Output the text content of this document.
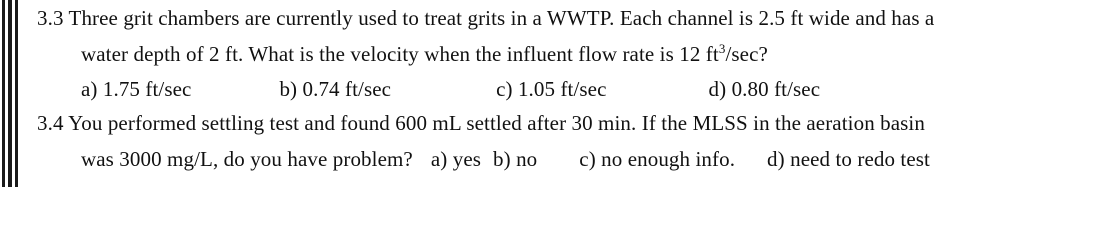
3.3 Three grit chambers are currently used to treat grits in a WWTP. Each channel is 2.5 ft wide and has a
water depth of 2 ft. What is the velocity when the influent flow rate is 12 $ft^3/\sec$?
a) 1.75 ft/sec	b) 0.74 ft/sec	c) 1.05 ft/sec	d) 0.80 ft/sec
3.4 You performed settling test and found 600 mL settled after 30 min. If the MLSS in the aeration basin
was 3000 mg/L, do you have problem? a) yes b) no c) no enough info. d) need to redo test
